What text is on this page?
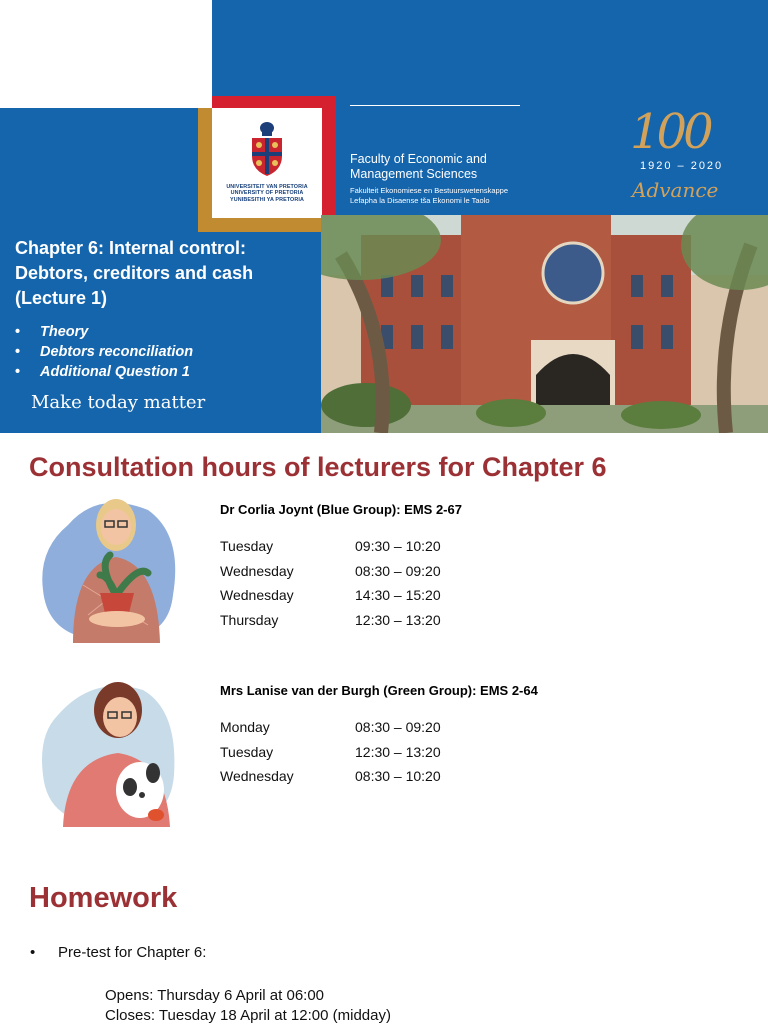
UNIVERSITEIT VAN PRETORIA
UNIVERSITY OF PRETORIA
YUNIBESITHI YA PRETORIA
Faculty of Economic and
Management Sciences
Fakulteit Ekonomiese en Bestuurswetenskappe
Lefapha la Disaense tša Ekonomi le Taolo
100
1920 – 2020
Advance
Chapter 6: Internal control:
Debtors, creditors and cash
(Lecture 1)
•	Theory
•	Debtors reconciliation
•	Additional Question 1
Make today matter
Consultation hours of lecturers for Chapter 6
Dr Corlia Joynt (Blue Group): EMS 2-67
Tuesday	09:30 – 10:20
Wednesday	08:30 – 09:20
Wednesday	14:30 – 15:20
Thursday	12:30 – 13:20
Mrs Lanise van der Burgh (Green Group): EMS 2-64
Monday	08:30 – 09:20
Tuesday	12:30 – 13:20
Wednesday	08:30 – 10:20
Homework
•	Pre-test for Chapter 6:
Opens: Thursday 6 April at 06:00
Closes: Tuesday 18 April at 12:00 (midday)
